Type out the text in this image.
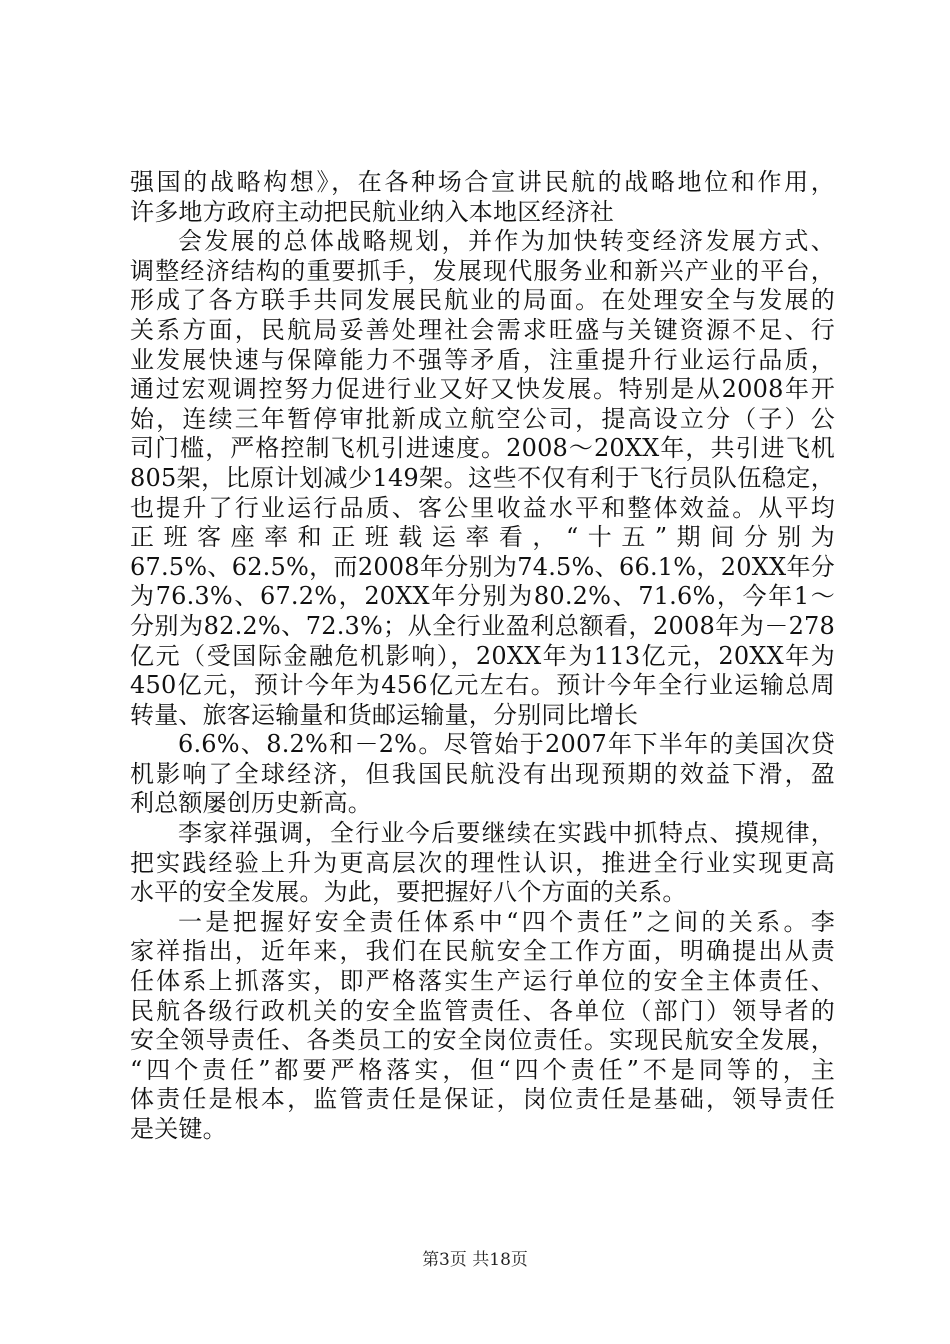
强国的战略构想》，在各种场合宣讲民航的战略地位和作用，
许多地方政府主动把民航业纳入本地区经济社
会发展的总体战略规划，并作为加快转变经济发展方式、
调整经济结构的重要抓手，发展现代服务业和新兴产业的平台，
形成了各方联手共同发展民航业的局面。在处理安全与发展的
关系方面，民航局妥善处理社会需求旺盛与关键资源不足、行
业发展快速与保障能力不强等矛盾，注重提升行业运行品质，
通过宏观调控努力促进行业又好又快发展。特别是从2008年开
始，连续三年暂停审批新成立航空公司，提高设立分（子）公
司门槛，严格控制飞机引进速度。2008～20XX年，共引进飞机
805架，比原计划减少149架。这些不仅有利于飞行员队伍稳定，
也提升了行业运行品质、客公里收益水平和整体效益。从平均
正班客座率和正班载运率看，“十五”期间分别为
67.5%、62.5%，而2008年分别为74.5%、66.1%，20XX年分
为76.3%、67.2%，20XX年分别为80.2%、71.6%，今年1～
分别为82.2%、72.3%；从全行业盈利总额看，2008年为－278
亿元（受国际金融危机影响），20XX年为113亿元，20XX年为
450亿元，预计今年为456亿元左右。预计今年全行业运输总周
转量、旅客运输量和货邮运输量，分别同比增长
6.6%、8.2%和－2%。尽管始于2007年下半年的美国次贷
机影响了全球经济，但我国民航没有出现预期的效益下滑，盈
利总额屡创历史新高。
李家祥强调，全行业今后要继续在实践中抓特点、摸规律，
把实践经验上升为更高层次的理性认识，推进全行业实现更高
水平的安全发展。为此，要把握好八个方面的关系。
一是把握好安全责任体系中“四个责任”之间的关系。李
家祥指出，近年来，我们在民航安全工作方面，明确提出从责
任体系上抓落实，即严格落实生产运行单位的安全主体责任、
民航各级行政机关的安全监管责任、各单位（部门）领导者的
安全领导责任、各类员工的安全岗位责任。实现民航安全发展，
“四个责任”都要严格落实，但“四个责任”不是同等的，主
体责任是根本，监管责任是保证，岗位责任是基础，领导责任
是关键。
第3页 共18页
